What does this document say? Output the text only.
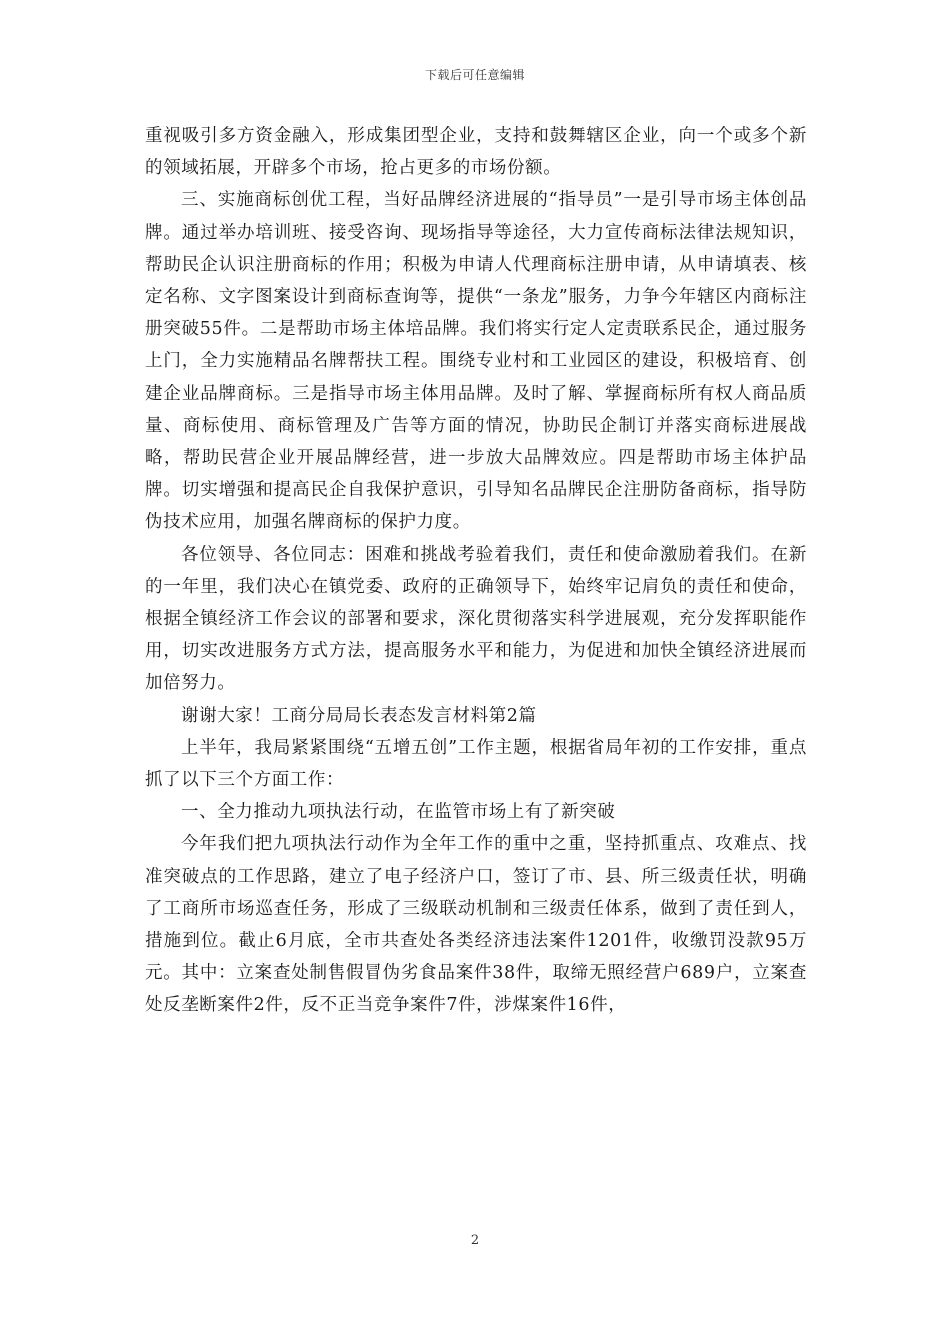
下载后可任意编辑

重视吸引多方资金融入，形成集团型企业，支持和鼓舞辖区企业，向一个或多个新的领域拓展，开辟多个市场，抢占更多的市场份额。

三、实施商标创优工程，当好品牌经济进展的“指导员”一是引导市场主体创品牌。通过举办培训班、接受咨询、现场指导等途径，大力宣传商标法律法规知识，帮助民企认识注册商标的作用；积极为申请人代理商标注册申请，从申请填表、核定名称、文字图案设计到商标查询等，提供“一条龙”服务，力争今年辖区内商标注册突破55件。二是帮助市场主体培品牌。我们将实行定人定责联系民企，通过服务上门，全力实施精品名牌帮扶工程。围绕专业村和工业园区的建设，积极培育、创建企业品牌商标。三是指导市场主体用品牌。及时了解、掌握商标所有权人商品质量、商标使用、商标管理及广告等方面的情况，协助民企制订并落实商标进展战略，帮助民营企业开展品牌经营，进一步放大品牌效应。四是帮助市场主体护品牌。切实增强和提高民企自我保护意识，引导知名品牌民企注册防备商标，指导防伪技术应用，加强名牌商标的保护力度。

各位领导、各位同志：困难和挑战考验着我们，责任和使命激励着我们。在新的一年里，我们决心在镇党委、政府的正确领导下，始终牢记肩负的责任和使命，根据全镇经济工作会议的部署和要求，深化贯彻落实科学进展观，充分发挥职能作用，切实改进服务方式方法，提高服务水平和能力，为促进和加快全镇经济进展而加倍努力。

谢谢大家！工商分局局长表态发言材料第2篇

上半年，我局紧紧围绕“五增五创”工作主题，根据省局年初的工作安排，重点抓了以下三个方面工作：

一、全力推动九项执法行动，在监管市场上有了新突破

今年我们把九项执法行动作为全年工作的重中之重，坚持抓重点、攻难点、找准突破点的工作思路，建立了电子经济户口，签订了市、县、所三级责任状，明确了工商所市场巡查任务，形成了三级联动机制和三级责任体系，做到了责任到人，措施到位。截止6月底，全市共查处各类经济违法案件1201件，收缴罚没款95万元。其中：立案查处制售假冒伪劣食品案件38件，取缔无照经营户689户，立案查处反垄断案件2件，反不正当竞争案件7件，涉煤案件16件，

2
